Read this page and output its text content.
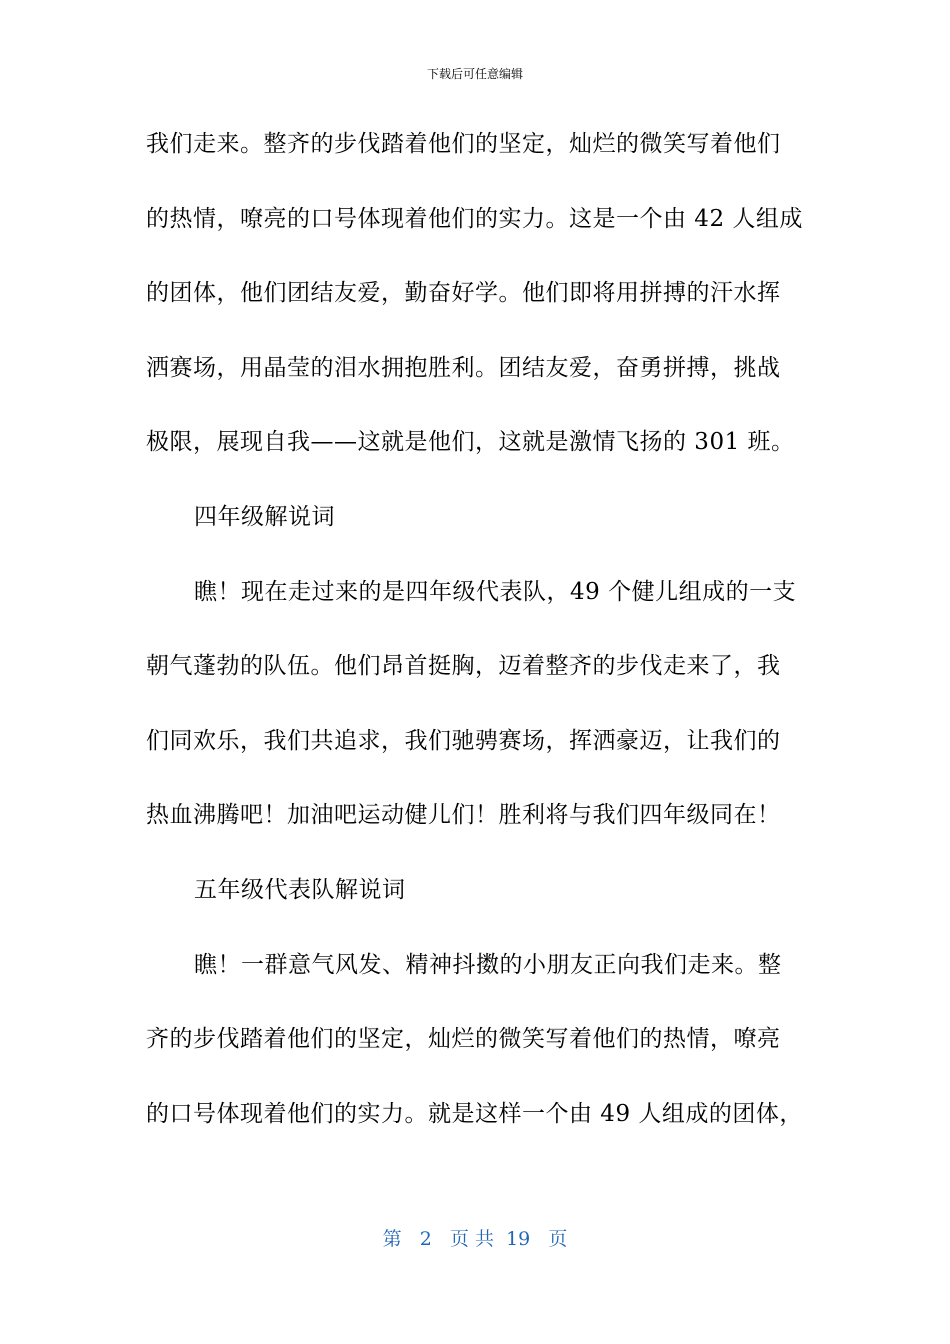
下载后可任意编辑
我们走来。整齐的步伐踏着他们的坚定，灿烂的微笑写着他们
的热情，嘹亮的口号体现着他们的实力。这是一个由 42 人组成
的团体，他们团结友爱，勤奋好学。他们即将用拼搏的汗水挥
洒赛场，用晶莹的泪水拥抱胜利。团结友爱，奋勇拼搏，挑战
极限，展现自我——这就是他们，这就是激情飞扬的 301 班。
四年级解说词
瞧！现在走过来的是四年级代表队，49 个健儿组成的一支
朝气蓬勃的队伍。他们昂首挺胸，迈着整齐的步伐走来了，我
们同欢乐，我们共追求，我们驰骋赛场，挥洒豪迈，让我们的
热血沸腾吧！加油吧运动健儿们！胜利将与我们四年级同在！
五年级代表队解说词
瞧！一群意气风发、精神抖擞的小朋友正向我们走来。整
齐的步伐踏着他们的坚定，灿烂的微笑写着他们的热情，嘹亮
的口号体现着他们的实力。就是这样一个由 49 人组成的团体，
第 2 页 共 19 页
